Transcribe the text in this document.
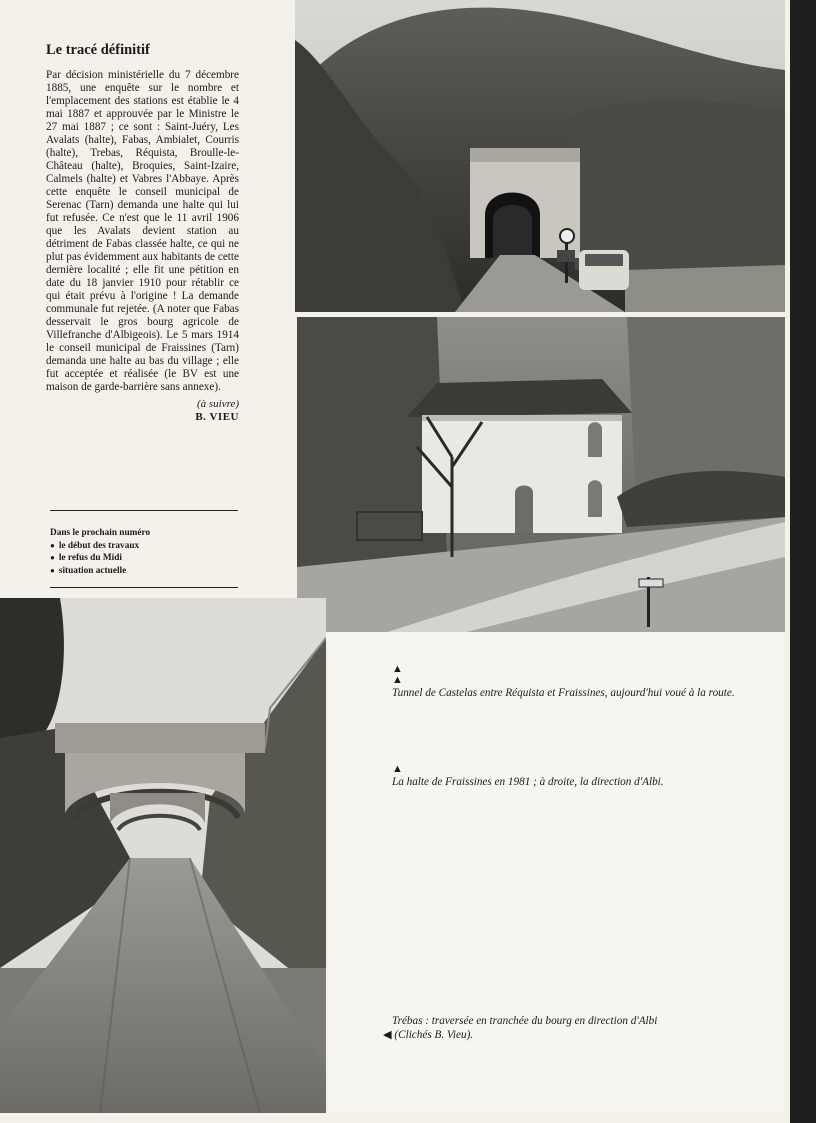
Le tracé définitif

Par décision ministérielle du 7 décembre 1885, une enquête sur le nombre et l'emplacement des stations est établie le 4 mai 1887 et approuvée par le Ministre le 27 mai 1887 ; ce sont : Saint-Juéry, Les Avalats (halte), Fabas, Ambialet, Courris (halte), Trebas, Réquista, Broulle-le-Château (halte), Broquies, Saint-Izaire, Calmels (halte) et Vabres l'Abbaye. Après cette enquête le conseil municipal de Serenac (Tarn) demanda une halte qui lui fut refusée. Ce n'est que le 11 avril 1906 que les Avalats devient station au détriment de Fabas classée halte, ce qui ne plut pas évidemment aux habitants de cette dernière localité ; elle fit une pétition en date du 18 janvier 1910 pour rétablir ce qui était prévu à l'origine ! La demande communale fut rejetée. (A noter que Fabas desservait le gros bourg agricole de Villefranche d'Albigeois). Le 5 mars 1914 le conseil municipal de Fraissines (Tarn) demanda une halte au bas du village ; elle fut acceptée et réalisée (le BV est une maison de garde-barrière sans annexe).

(à suivre)
B. VIEU
Dans le prochain numéro
● le début des travaux
● le refus du Midi
● situation actuelle
▲
▲
Tunnel de Castelas entre Réquista et Fraissines, aujourd'hui voué à la route.
▲
La halte de Fraissines en 1981 ; à droite, la direction d'Albi.
Trébas : traversée en tranchée du bourg en direction d'Albi
◀ (Clichés B. Vieu).
